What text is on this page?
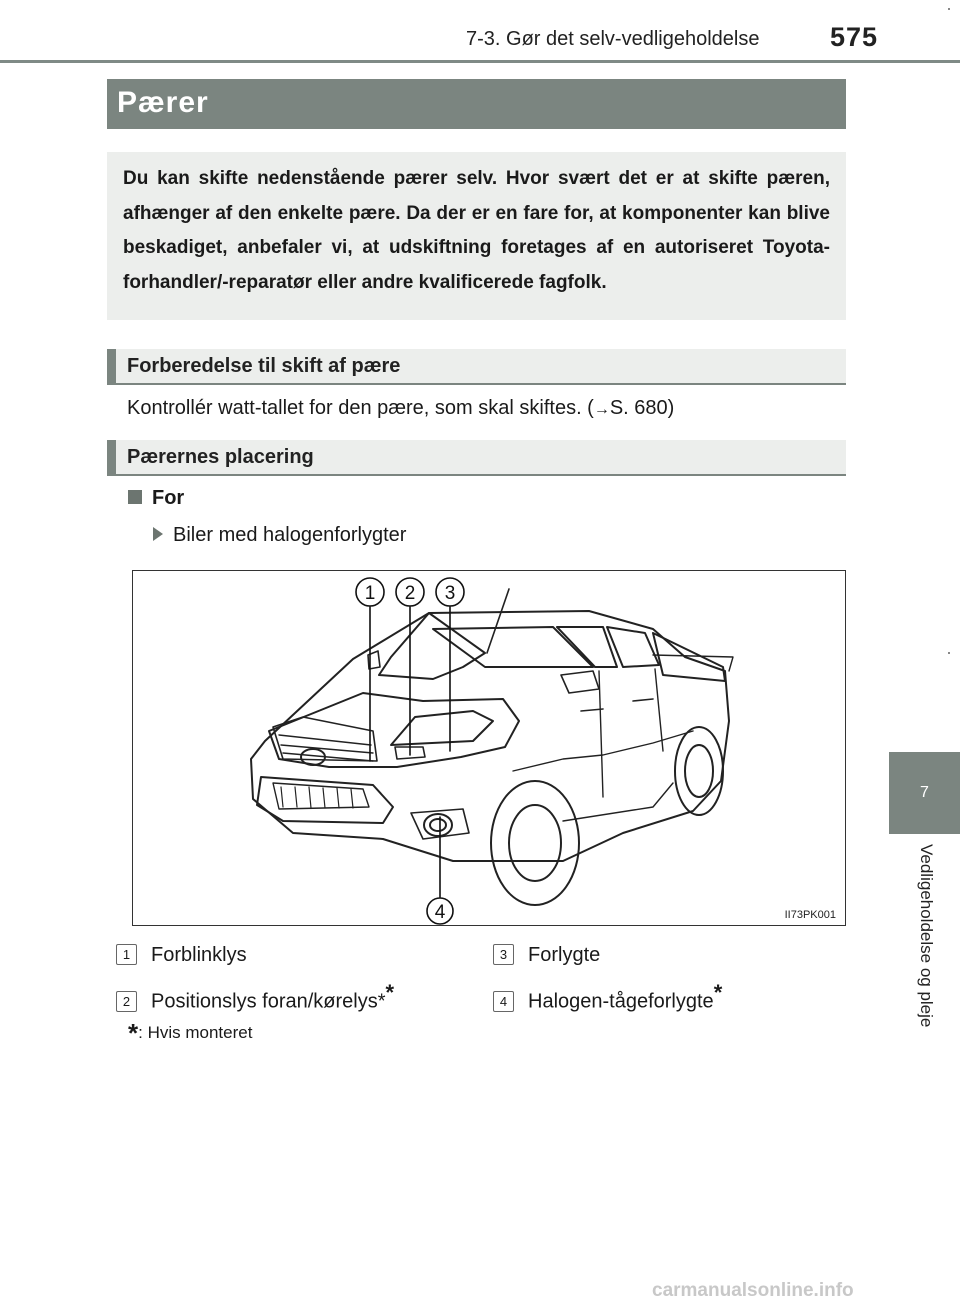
7-3. Gør det selv-vedligeholdelse	575
Pærer
Du kan skifte nedenstående pærer selv. Hvor svært det er at skifte pæren, afhænger af den enkelte pære. Da der er en fare for, at komponenter kan blive beskadiget, anbefaler vi, at udskiftning foretages af en autoriseret Toyota-forhandler/-reparatør eller andre kvalificerede fagfolk.
Forberedelse til skift af pære
Kontrollér watt-tallet for den pære, som skal skiftes. (→S. 680)
Pærernes placering
For
Biler med halogenforlygter
1 2 3
4	II73PK001
1 Forblinklys
2 Positionslys foran/kørelys**
3 Forlygte
4 Halogen-tågeforlygte*
*: Hvis monteret
7
Vedligeholdelse og pleje
carmanualsonline.info
